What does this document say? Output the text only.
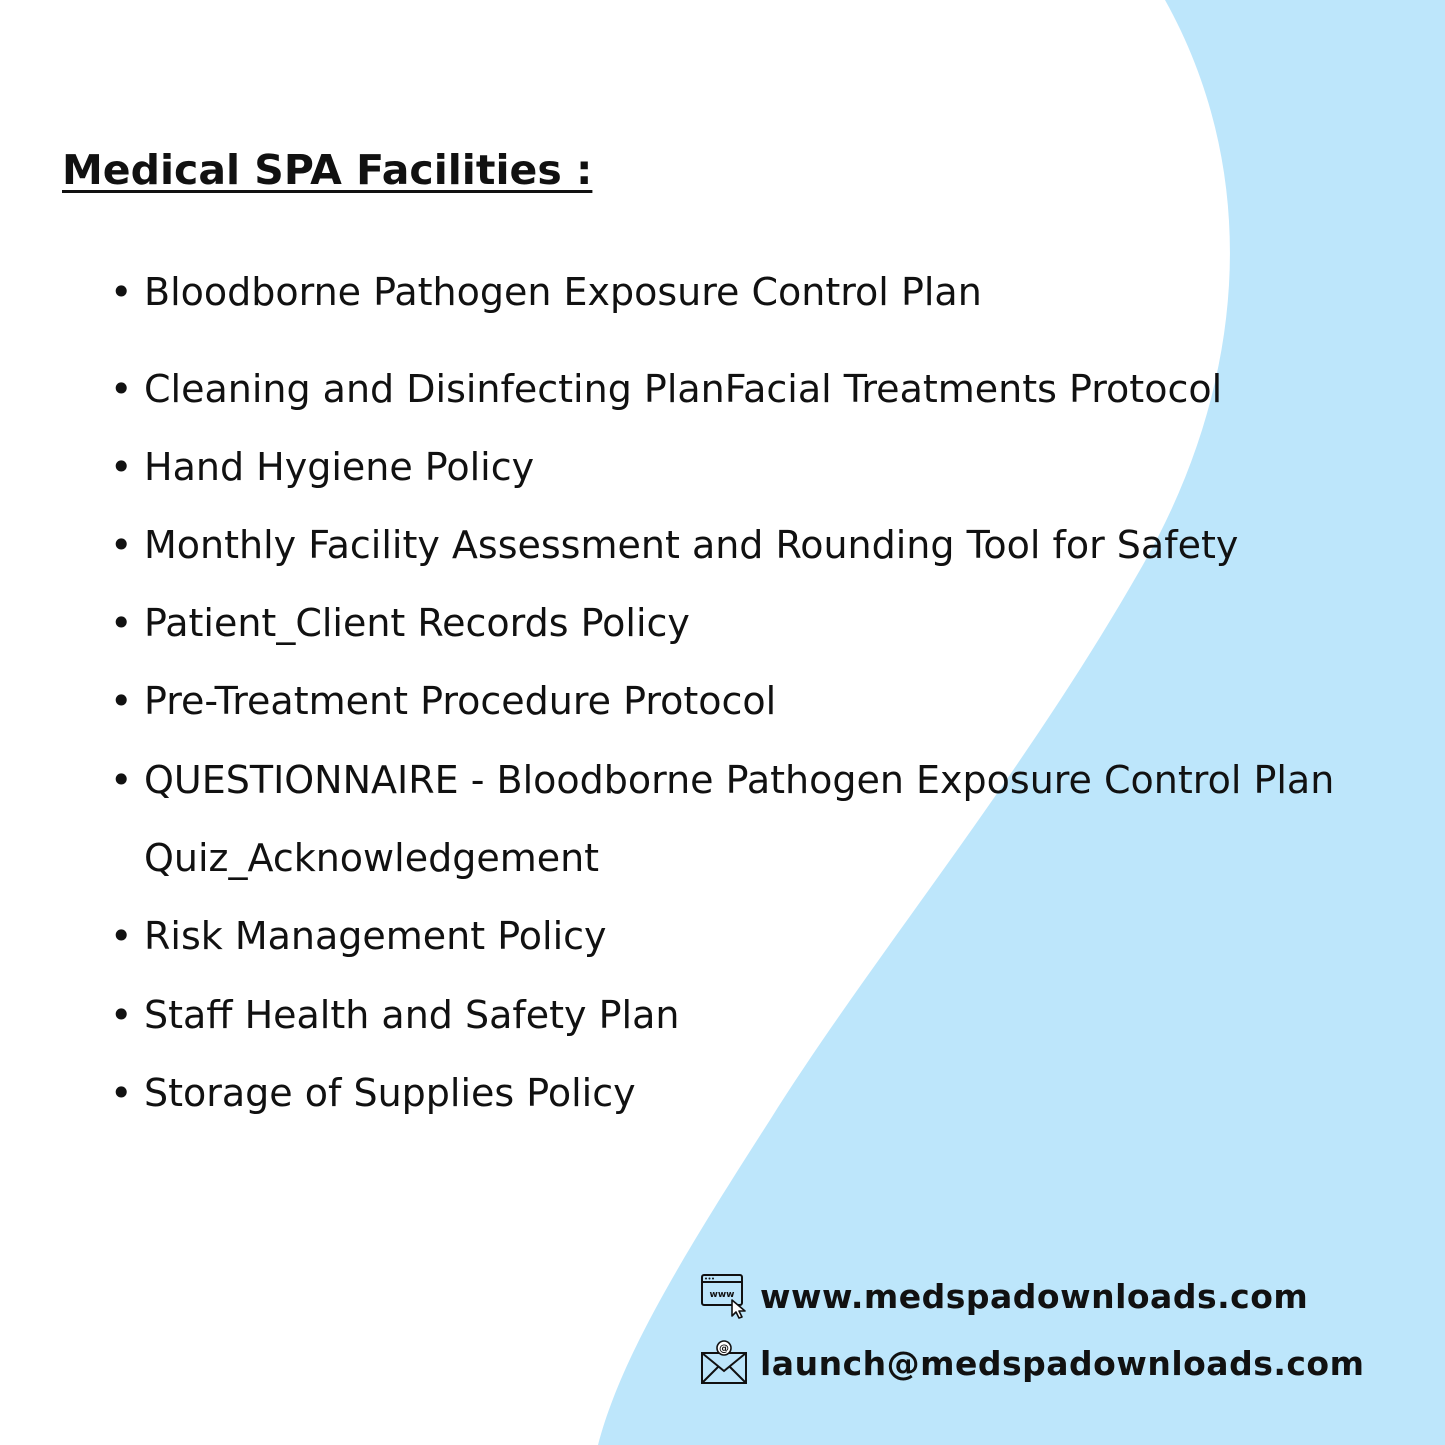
Medical SPA Facilities :
• Bloodborne Pathogen Exposure Control Plan
• Cleaning and Disinfecting PlanFacial Treatments Protocol
• Hand Hygiene Policy
• Monthly Facility Assessment and Rounding Tool for Safety
• Patient_Client Records Policy
• Pre-Treatment Procedure Protocol
• QUESTIONNAIRE - Bloodborne Pathogen Exposure Control Plan
Quiz_Acknowledgement
• Risk Management Policy
• Staff Health and Safety Plan
• Storage of Supplies Policy
www www.medspadownloads.com
@ launch@medspadownloads.com
